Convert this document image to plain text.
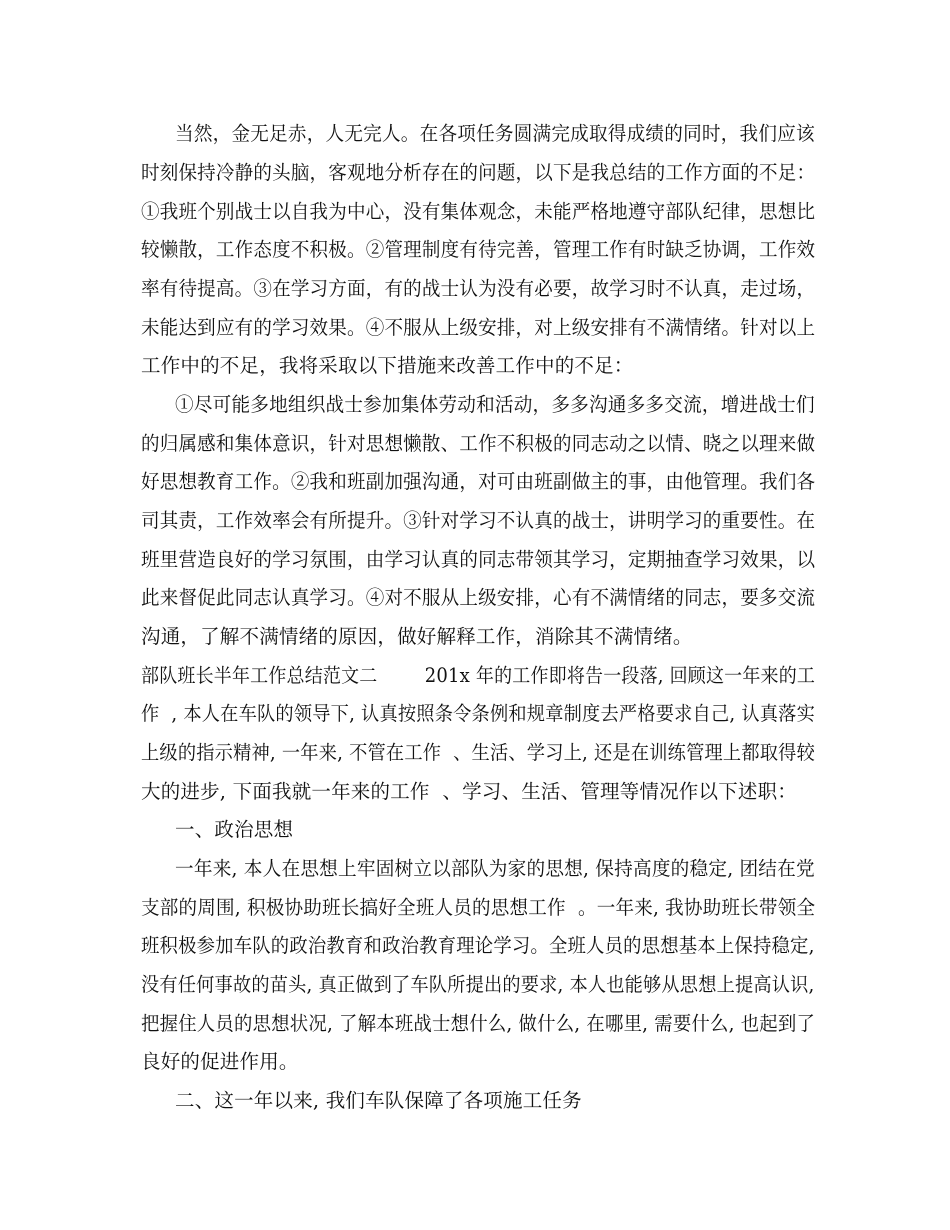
当然，金无足赤，人无完人。在各项任务圆满完成取得成绩的同时，我们应该
时刻保持冷静的头脑，客观地分析存在的问题，以下是我总结的工作方面的不足：
①我班个别战士以自我为中心，没有集体观念，未能严格地遵守部队纪律，思想比
较懒散，工作态度不积极。②管理制度有待完善，管理工作有时缺乏协调，工作效
率有待提高。③在学习方面，有的战士认为没有必要，故学习时不认真，走过场，
未能达到应有的学习效果。④不服从上级安排，对上级安排有不满情绪。针对以上
工作中的不足，我将采取以下措施来改善工作中的不足：
①尽可能多地组织战士参加集体劳动和活动，多多沟通多多交流，增进战士们
的归属感和集体意识，针对思想懒散、工作不积极的同志动之以情、晓之以理来做
好思想教育工作。②我和班副加强沟通，对可由班副做主的事，由他管理。我们各
司其责，工作效率会有所提升。③针对学习不认真的战士，讲明学习的重要性。在
班里营造良好的学习氛围，由学习认真的同志带领其学习，定期抽查学习效果，以
此来督促此同志认真学习。④对不服从上级安排，心有不满情绪的同志，要多交流
沟通，了解不满情绪的原因，做好解释工作，消除其不满情绪。
部队班长半年工作总结范文二        201x 年的工作即将告一段落, 回顾这一年来的工
作  , 本人在车队的领导下, 认真按照条令条例和规章制度去严格要求自己, 认真落实
上级的指示精神, 一年来, 不管在工作  、生活、学习上, 还是在训练管理上都取得较
大的进步, 下面我就一年来的工作  、学习、生活、管理等情况作以下述职：
一、政治思想
一年来, 本人在思想上牢固树立以部队为家的思想, 保持高度的稳定, 团结在党
支部的周围, 积极协助班长搞好全班人员的思想工作  。一年来, 我协助班长带领全
班积极参加车队的政治教育和政治教育理论学习。全班人员的思想基本上保持稳定,
没有任何事故的苗头, 真正做到了车队所提出的要求, 本人也能够从思想上提高认识,
把握住人员的思想状况, 了解本班战士想什么, 做什么, 在哪里, 需要什么, 也起到了
良好的促进作用。
二、这一年以来, 我们车队保障了各项施工任务
